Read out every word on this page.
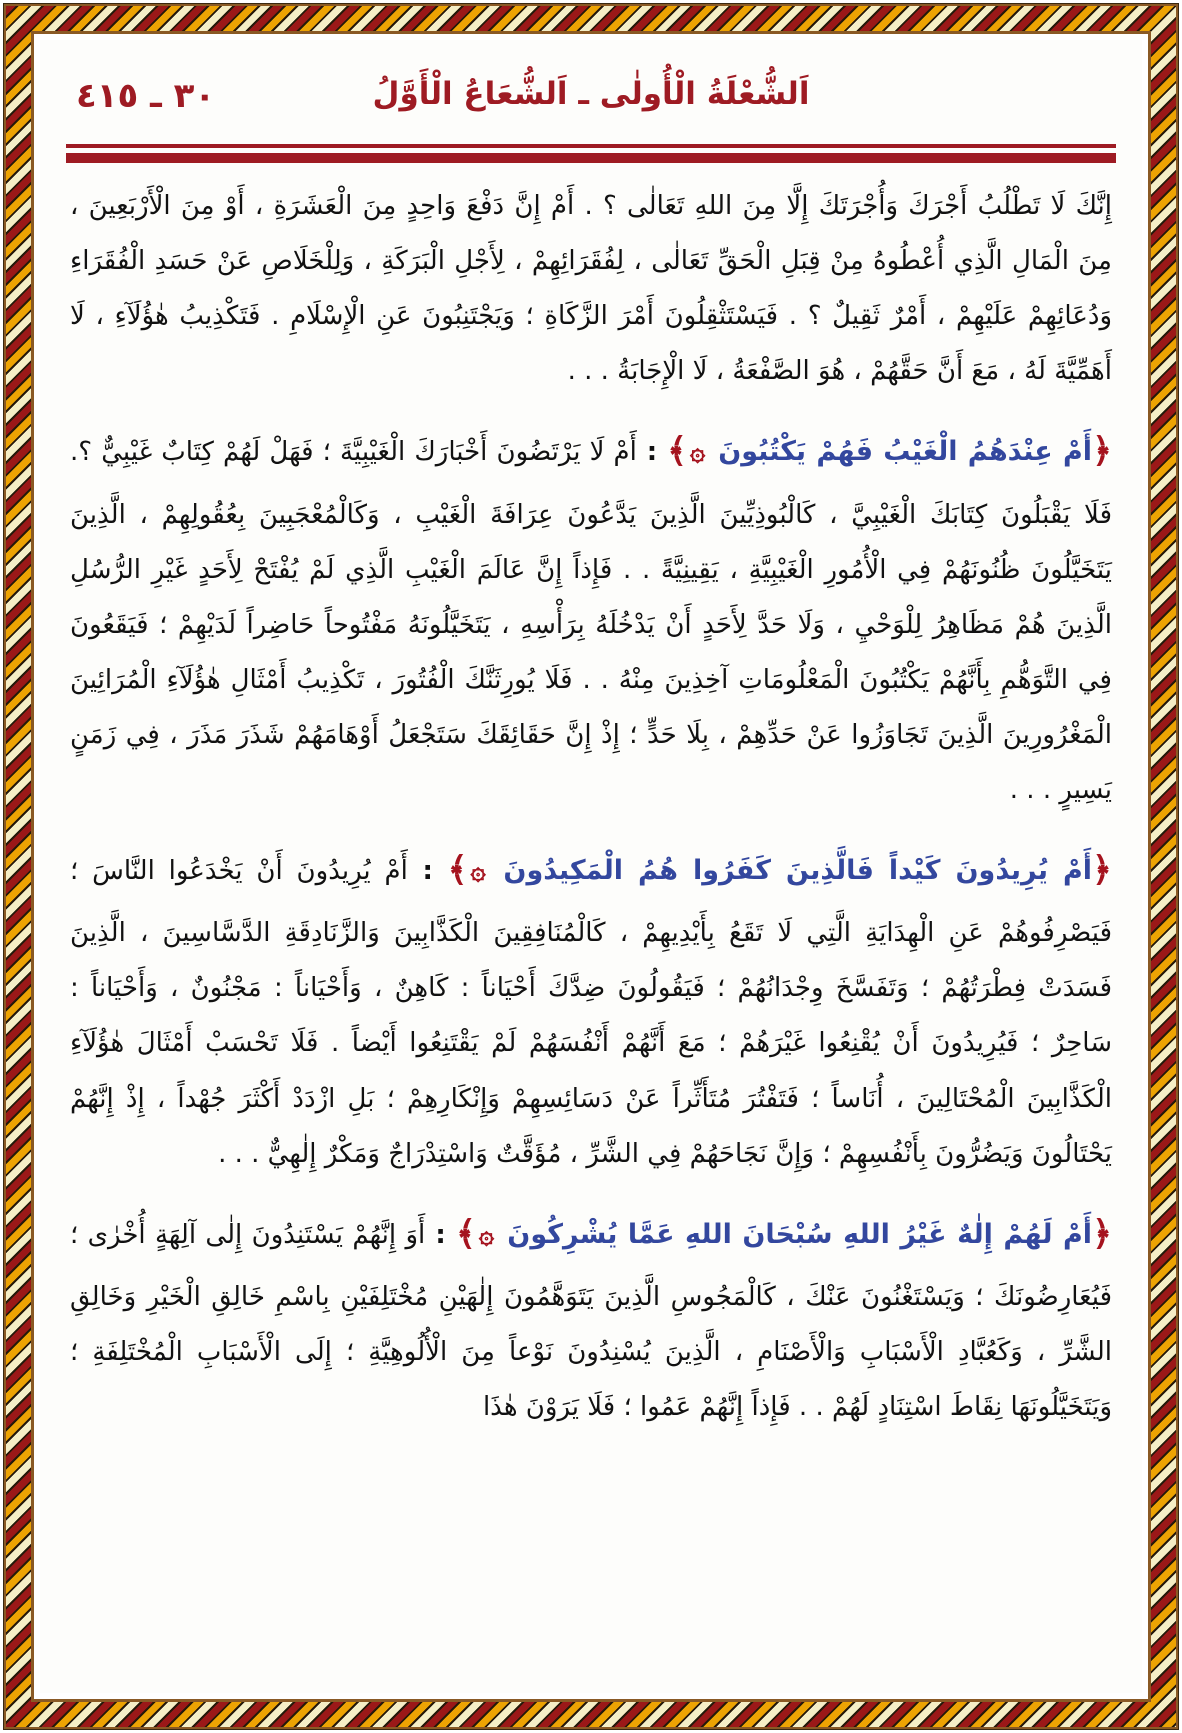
٣٠ ـ ٤١٥	اَلشُّعْلَةُ الْأُولٰى ـ اَلشُّعَاعُ الْأَوَّلُ

إِنَّكَ لَا تَطْلُبُ أَجْرَكَ وَأُجْرَتَكَ إِلَّا مِنَ اللهِ تَعَالٰى ؟ . أَمْ إِنَّ دَفْعَ وَاحِدٍ مِنَ الْعَشَرَةِ ، أَوْ مِنَ الْأَرْبَعِينَ ، مِنَ الْمَالِ الَّذِي أُعْطُوهُ مِنْ قِبَلِ الْحَقِّ تَعَالٰى ، لِفُقَرَائِهِمْ ، لِأَجْلِ الْبَرَكَةِ ، وَلِلْخَلَاصِ عَنْ حَسَدِ الْفُقَرَاءِ وَدُعَائِهِمْ عَلَيْهِمْ ، أَمْرٌ ثَقِيلٌ ؟ . فَيَسْتَثْقِلُونَ أَمْرَ الزَّكَاةِ ؛ وَيَجْتَنِبُونَ عَنِ الْإِسْلَامِ . فَتَكْذِيبُ هٰؤُلَآءِ ، لَا أَهَمِّيَّةَ لَهُ ، مَعَ أَنَّ حَقَّهُمْ ، هُوَ الصَّفْعَةُ ، لَا الْإِجَابَةُ . . .

﴿أَمْ عِنْدَهُمُ الْغَيْبُ فَهُمْ يَكْتُبُونَ ۞﴾ : أَمْ لَا يَرْتَضُونَ أَخْبَارَكَ الْغَيْبِيَّةَ ؛ فَهَلْ لَهُمْ كِتَابٌ غَيْبِيٌّ ؟. فَلَا يَقْبَلُونَ كِتَابَكَ الْغَيْبِيَّ ، كَالْبُوذِيِّينَ الَّذِينَ يَدَّعُونَ عِرَافَةَ الْغَيْبِ ، وَكَالْمُعْجَبِينَ بِعُقُولِهِمْ ، الَّذِينَ يَتَخَيَّلُونَ ظُنُونَهُمْ فِي الْأُمُورِ الْغَيْبِيَّةِ ، يَقِينِيَّةً . . فَإِذاً إِنَّ عَالَمَ الْغَيْبِ الَّذِي لَمْ يُفْتَحْ لِأَحَدٍ غَيْرِ الرُّسُلِ الَّذِينَ هُمْ مَظَاهِرُ لِلْوَحْيِ ، وَلَا حَدَّ لِأَحَدٍ أَنْ يَدْخُلَهُ بِرَأْسِهِ ، يَتَخَيَّلُونَهُ مَفْتُوحاً حَاضِراً لَدَيْهِمْ ؛ فَيَقَعُونَ فِي التَّوَهُّمِ بِأَنَّهُمْ يَكْتُبُونَ الْمَعْلُومَاتِ آخِذِينَ مِنْهُ . . فَلَا يُورِثَنَّكَ الْفُتُورَ ، تَكْذِيبُ أَمْثَالِ هٰؤُلَآءِ الْمُرَائِينَ الْمَغْرُورِينَ الَّذِينَ تَجَاوَزُوا عَنْ حَدِّهِمْ ، بِلَا حَدٍّ ؛ إِذْ إِنَّ حَقَائِقَكَ سَتَجْعَلُ أَوْهَامَهُمْ شَذَرَ مَذَرَ ، فِي زَمَنٍ يَسِيرٍ . . .

﴿أَمْ يُرِيدُونَ كَيْداً فَالَّذِينَ كَفَرُوا هُمُ الْمَكِيدُونَ ۞﴾ : أَمْ يُرِيدُونَ أَنْ يَخْدَعُوا النَّاسَ ؛ فَيَصْرِفُوهُمْ عَنِ الْهِدَايَةِ الَّتِي لَا تَقَعُ بِأَيْدِيهِمْ ، كَالْمُنَافِقِينَ الْكَذَّابِينَ وَالزَّنَادِقَةِ الدَّسَّاسِينَ ، الَّذِينَ فَسَدَتْ فِطْرَتُهُمْ ؛ وَتَفَسَّخَ وِجْدَانُهُمْ ؛ فَيَقُولُونَ ضِدَّكَ أَحْيَاناً : كَاهِنٌ ، وَأَحْيَاناً : مَجْنُونٌ ، وَأَحْيَاناً : سَاحِرٌ ؛ فَيُرِيدُونَ أَنْ يُقْنِعُوا غَيْرَهُمْ ؛ مَعَ أَنَّهُمْ أَنْفُسَهُمْ لَمْ يَقْتَنِعُوا أَيْضاً . فَلَا تَحْسَبْ أَمْثَالَ هٰؤُلَآءِ الْكَذَّابِينَ الْمُحْتَالِينَ ، أُنَاساً ؛ فَتَفْتُرَ مُتَأَثِّراً عَنْ دَسَائِسِهِمْ وَإِنْكَارِهِمْ ؛ بَلِ ازْدَدْ أَكْثَرَ جُهْداً ، إِذْ إِنَّهُمْ يَحْتَالُونَ وَيَضُرُّونَ بِأَنْفُسِهِمْ ؛ وَإِنَّ نَجَاحَهُمْ فِي الشَّرِّ ، مُؤَقَّتٌ وَاسْتِدْرَاجٌ وَمَكْرٌ إِلٰهِيٌّ . . .

﴿أَمْ لَهُمْ إِلٰهٌ غَيْرُ اللهِ سُبْحَانَ اللهِ عَمَّا يُشْرِكُونَ ۞﴾ : أَوَ إِنَّهُمْ يَسْتَنِدُونَ إِلٰى آلِهَةٍ أُخْرٰى ؛ فَيُعَارِضُونَكَ ؛ وَيَسْتَغْنُونَ عَنْكَ ، كَالْمَجُوسِ الَّذِينَ يَتَوَهَّمُونَ إِلٰهَيْنِ مُخْتَلِفَيْنِ بِاسْمِ خَالِقِ الْخَيْرِ وَخَالِقِ الشَّرِّ ، وَكَعُبَّادِ الْأَسْبَابِ وَالْأَصْنَامِ ، الَّذِينَ يُسْنِدُونَ نَوْعاً مِنَ الْأُلُوهِيَّةِ ؛ إِلَى الْأَسْبَابِ الْمُخْتَلِفَةِ ؛ وَيَتَخَيَّلُونَهَا نِقَاطَ اسْتِنَادٍ لَهُمْ . . فَإِذاً إِنَّهُمْ عَمُوا ؛ فَلَا يَرَوْنَ هٰذَا
